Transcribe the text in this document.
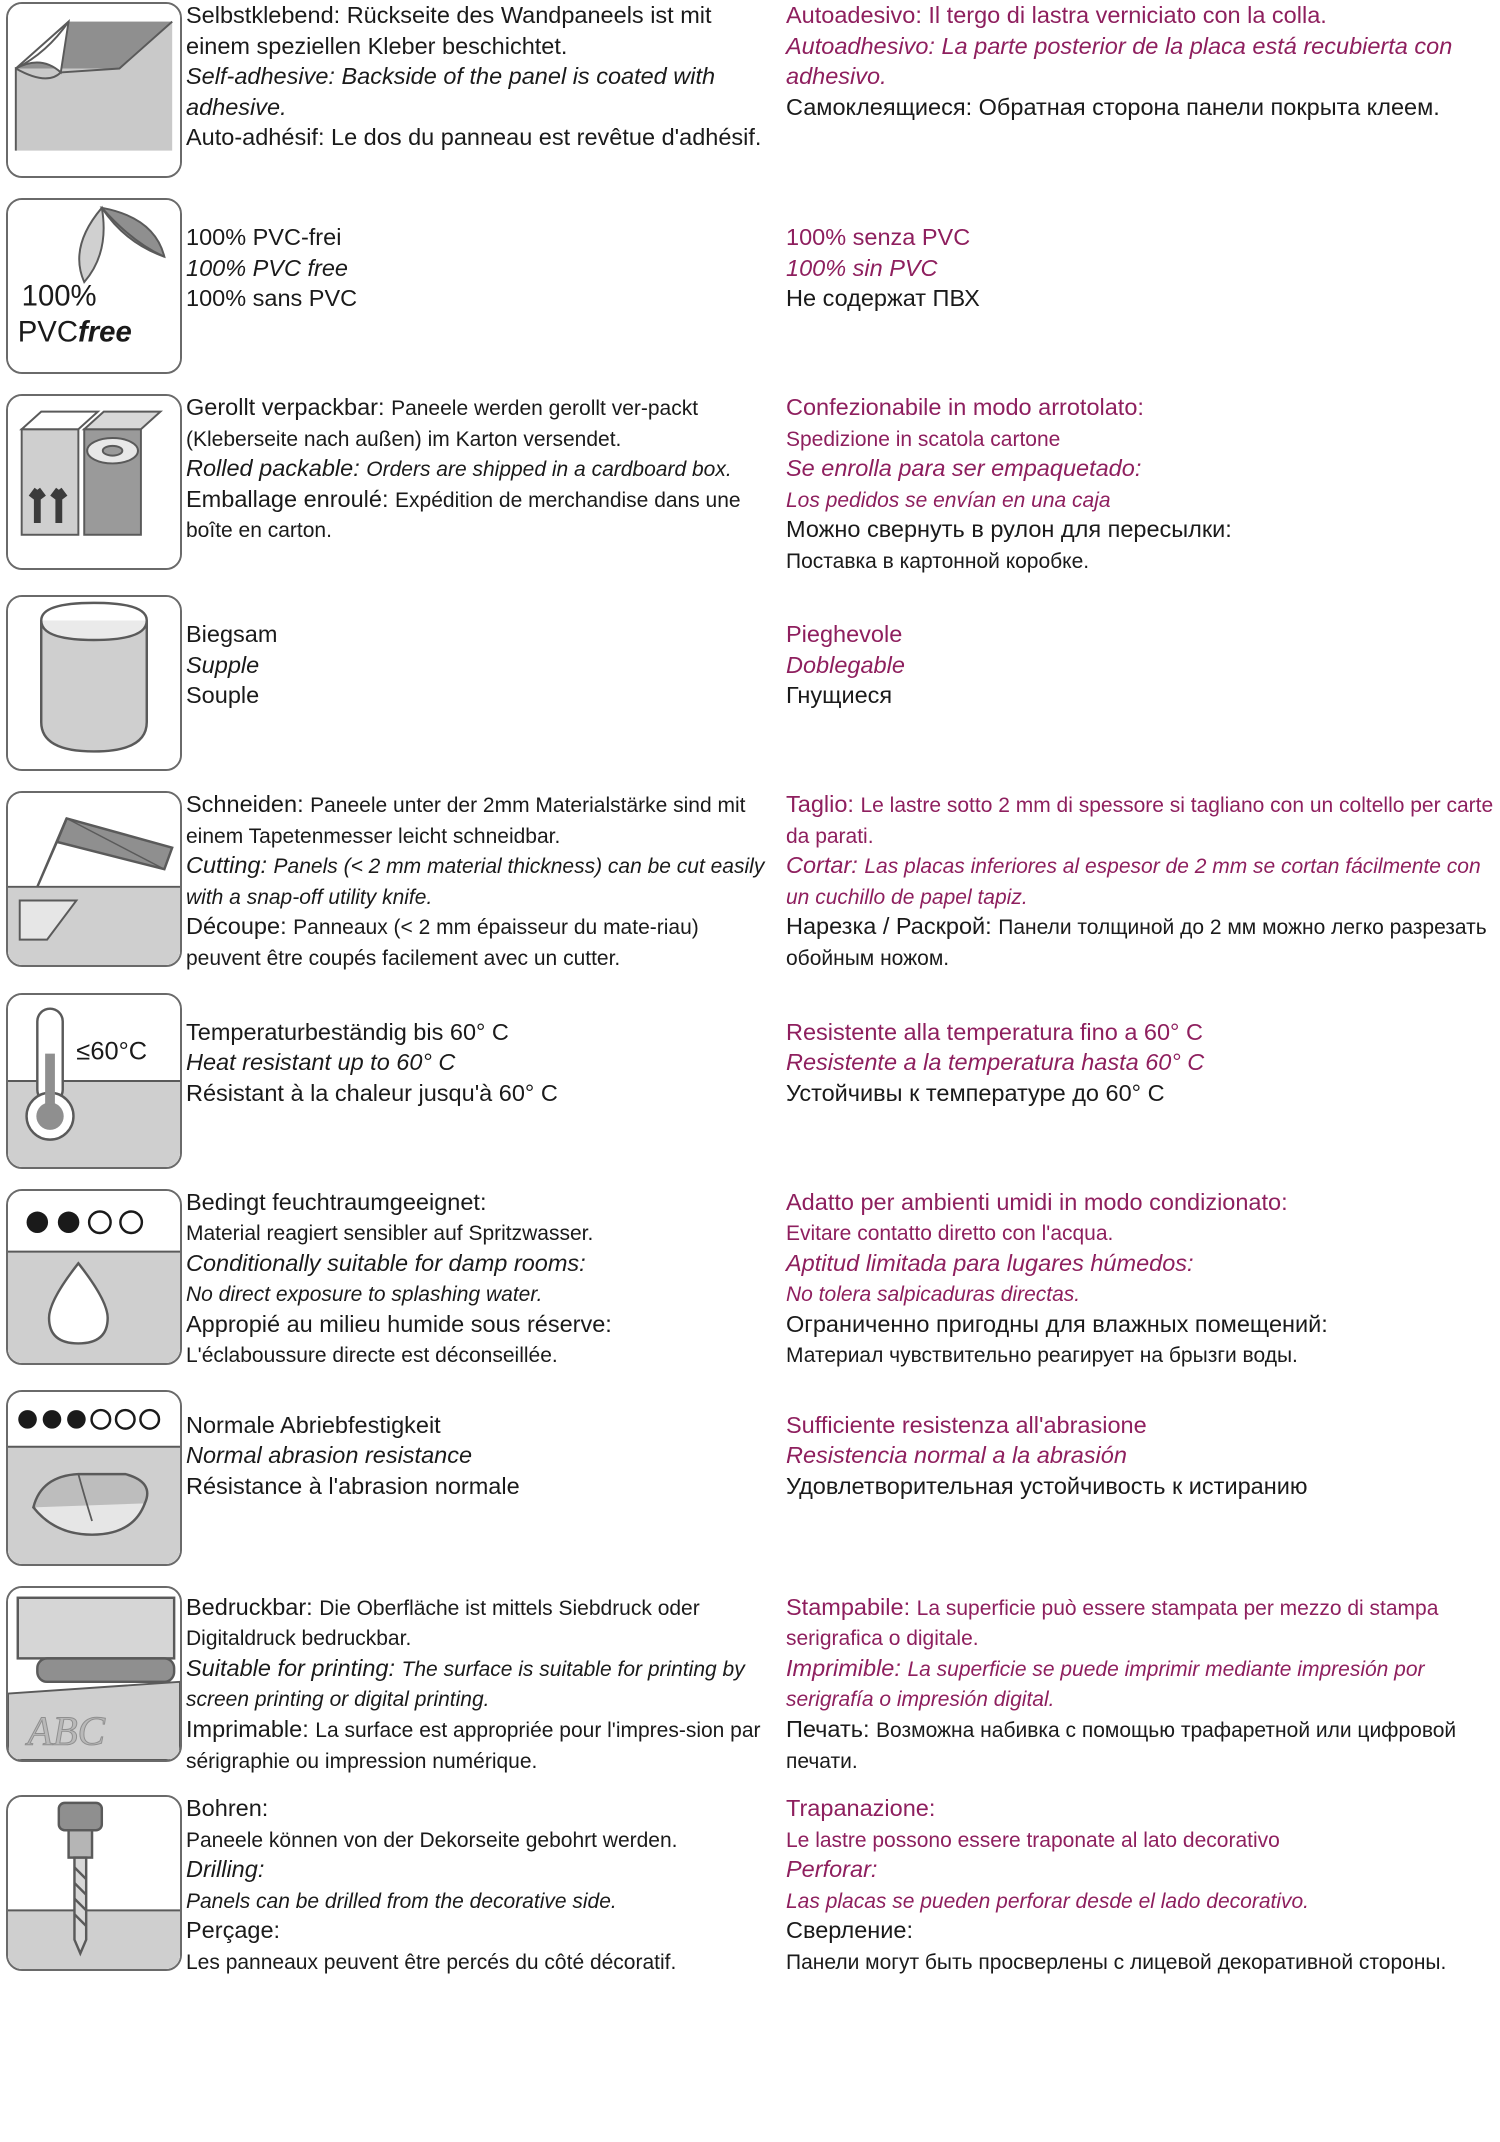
Selbstklebend: Rückseite des Wandpaneels ist mit einem speziellen Kleber beschichtet.
Self-adhesive: Backside of the panel is coated with adhesive.
Auto-adhésif: Le dos du panneau est revêtue d'adhésif.
Autoadesivo: Il tergo di lastra verniciato con la colla.
Autoadhesivo: La parte posterior de la placa está recubierta con adhesivo.
Самоклеящиеся: Обратная сторона панели покрыта клеем.
100%
PVCfree
100% PVC-frei
100% PVC free
100% sans PVC
100% senza PVC
100% sin PVC
Не содержат ПВХ
Gerollt verpackbar: Paneele werden gerollt ver-packt (Kleberseite nach außen) im Karton versendet.
Rolled packable: Orders are shipped in a cardboard box.
Emballage enroulé: Expédition de merchandise dans une boîte en carton.
Confezionabile in modo arrotolato:
Spedizione in scatola cartone
Se enrolla para ser empaquetado:
Los pedidos se envían en una caja
Можно свернуть в рулон для пересылки:
Поставка в картонной коробке.
Biegsam
Supple
Souple
Pieghevole
Doblegable
Гнущиеся
Schneiden: Paneele unter der 2mm Materialstärke sind mit einem Tapetenmesser leicht schneidbar.
Cutting: Panels (< 2 mm material thickness) can be cut easily with a snap-off utility knife.
Découpe: Panneaux (< 2 mm épaisseur du mate-riau) peuvent être coupés facilement avec un cutter.
Taglio: Le lastre sotto 2 mm di spessore si tagliano con un coltello per carte da parati.
Cortar: Las placas inferiores al espesor de 2 mm se cortan fácilmente con un cuchillo de papel tapiz.
Нарезка / Раскрой: Панели толщиной до 2 мм можно легко разрезать обойным ножом.
≤60°C
Temperaturbeständig bis 60° C
Heat resistant up to 60° C
Résistant à la chaleur jusqu'à 60° C
Resistente alla temperatura fino a 60° C
Resistente a la temperatura hasta 60° C
Устойчивы к температуре до 60° C
Bedingt feuchtraumgeeignet:
Material reagiert sensibler auf Spritzwasser.
Conditionally suitable for damp rooms:
No direct exposure to splashing water.
Appropié au milieu humide sous réserve:
L'éclaboussure directe est déconseillée.
Adatto per ambienti umidi in modo condizionato:
Evitare contatto diretto con l'acqua.
Aptitud limitada para lugares húmedos:
No tolera salpicaduras directas.
Ограниченно пригодны для влажных помещений:
Материал чувствительно реагирует на брызги воды.
Normale Abriebfestigkeit
Normal abrasion resistance
Résistance à l'abrasion normale
Sufficiente resistenza all'abrasione
Resistencia normal a la abrasión
Удовлетворительная устойчивость к истиранию
ABC
Bedruckbar: Die Oberfläche ist mittels Siebdruck oder Digitaldruck bedruckbar.
Suitable for printing: The surface is suitable for printing by screen printing or digital printing.
Imprimable: La surface est appropriée pour l'impres-sion par sérigraphie ou impression numérique.
Stampabile: La superficie può essere stampata per mezzo di stampa serigrafica o digitale.
Imprimible: La superficie se puede imprimir mediante impresión por serigrafía o impresión digital.
Печать: Возможна набивка с помощью трафаретной или цифровой печати.
Bohren:
Paneele können von der Dekorseite gebohrt werden.
Drilling:
Panels can be drilled from the decorative side.
Perçage:
Les panneaux peuvent être percés du côté décoratif.
Trapanazione:
Le lastre possono essere traponate al lato decorativo
Perforar:
Las placas se pueden perforar desde el lado decorativo.
Сверление:
Панели могут быть просверлены с лицевой декоративной стороны.
